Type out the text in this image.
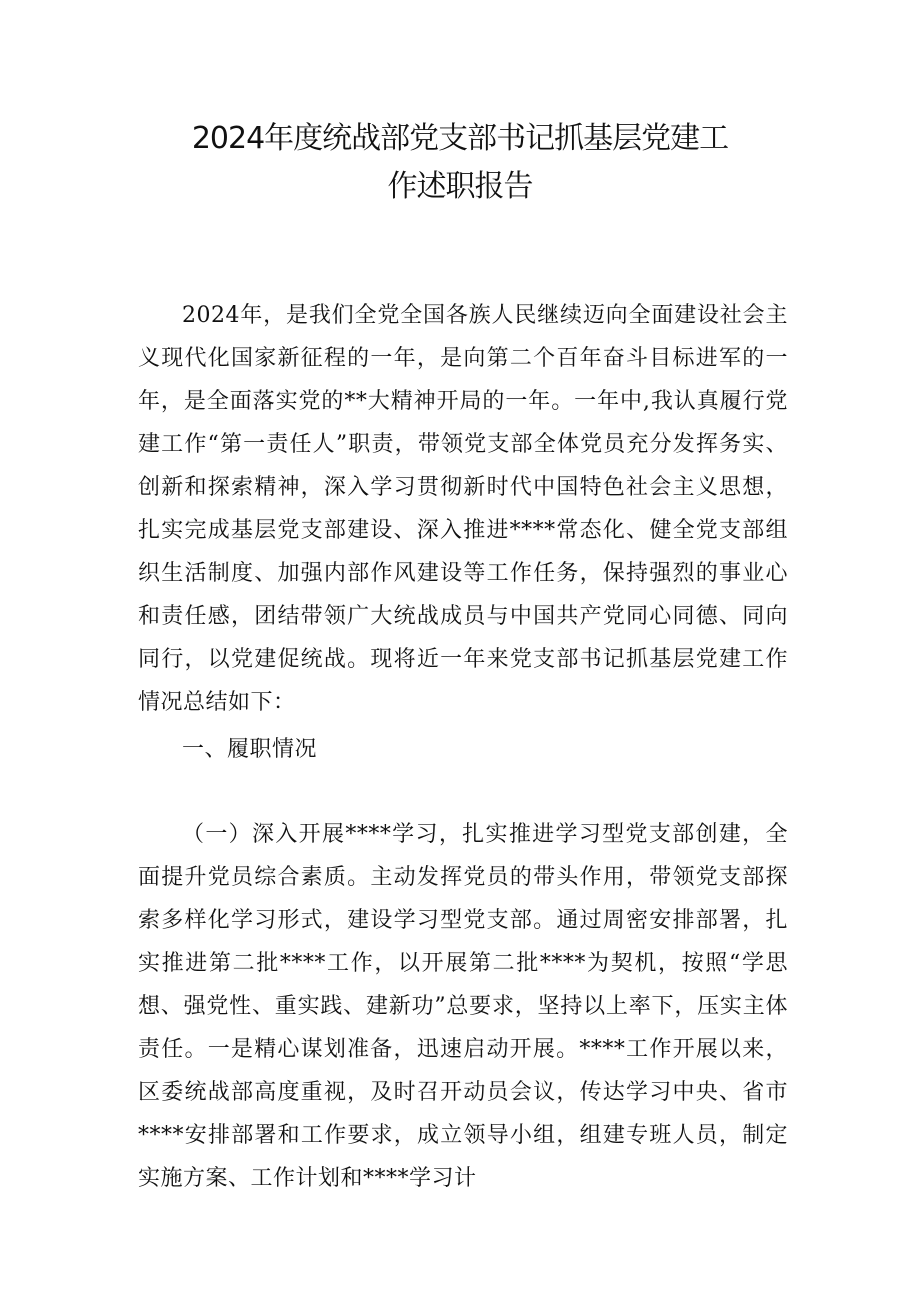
2024年度统战部党支部书记抓基层党建工
作述职报告

2024年，是我们全党全国各族人民继续迈向全面建设社会主义现代化国家新征程的一年，是向第二个百年奋斗目标进军的一年，是全面落实党的**大精神开局的一年。一年中,我认真履行党建工作“第一责任人”职责，带领党支部全体党员充分发挥务实、创新和探索精神，深入学习贯彻新时代中国特色社会主义思想，扎实完成基层党支部建设、深入推进****常态化、健全党支部组织生活制度、加强内部作风建设等工作任务，保持强烈的事业心和责任感，团结带领广大统战成员与中国共产党同心同德、同向同行，以党建促统战。现将近一年来党支部书记抓基层党建工作情况总结如下：

一、履职情况

（一）深入开展****学习，扎实推进学习型党支部创建，全面提升党员综合素质。主动发挥党员的带头作用，带领党支部探索多样化学习形式，建设学习型党支部。通过周密安排部署，扎实推进第二批****工作，以开展第二批****为契机，按照“学思想、强党性、重实践、建新功”总要求，坚持以上率下，压实主体责任。一是精心谋划准备，迅速启动开展。****工作开展以来，区委统战部高度重视，及时召开动员会议，传达学习中央、省市****安排部署和工作要求，成立领导小组，组建专班人员，制定实施方案、工作计划和****学习计
